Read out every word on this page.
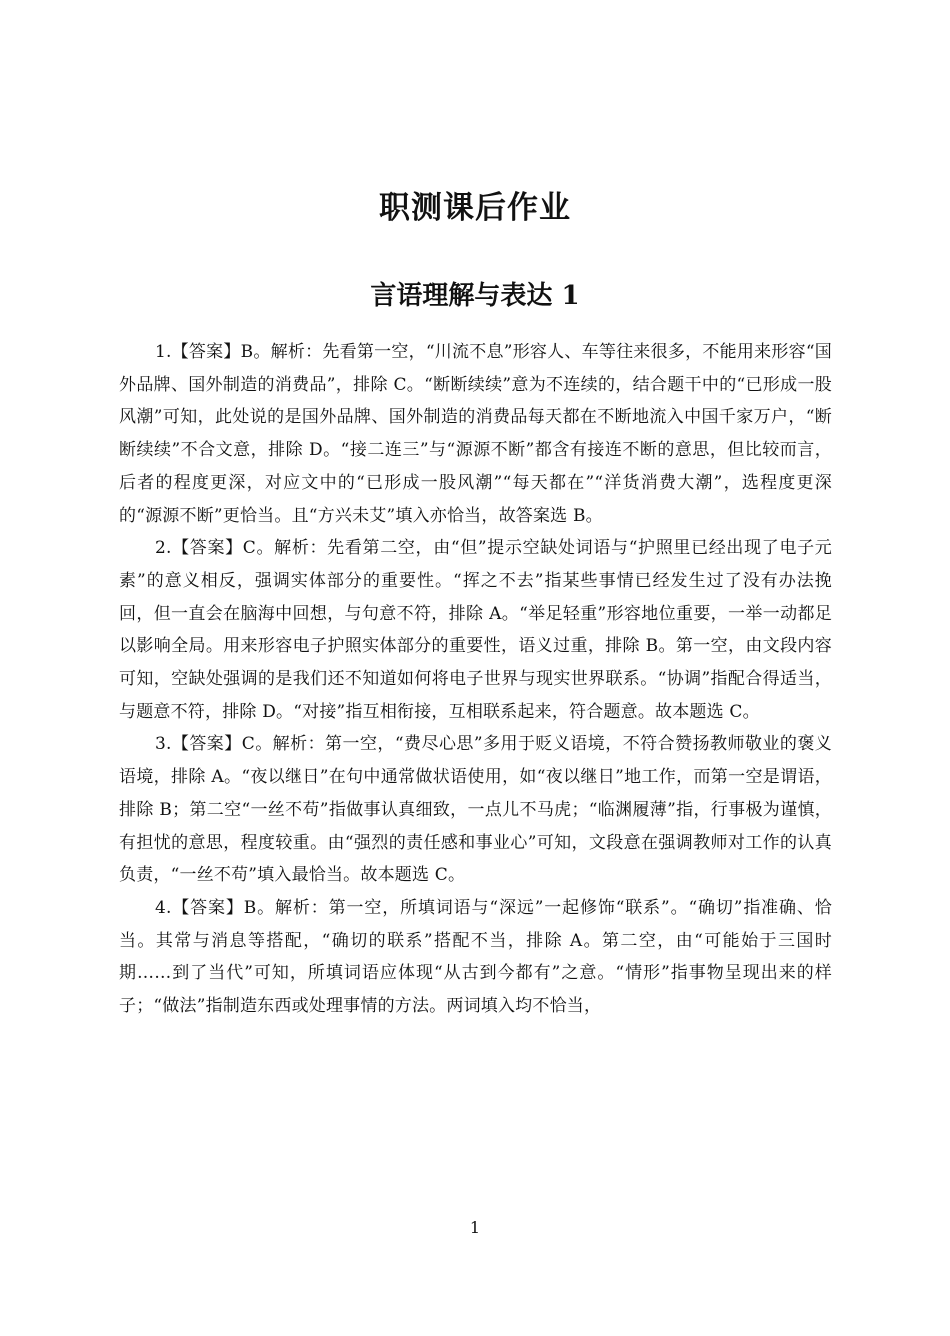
职测课后作业
言语理解与表达 1

1.【答案】B。解析：先看第一空，“川流不息”形容人、车等往来很多，不能用来形容“国外品牌、国外制造的消费品”，排除 C。“断断续续”意为不连续的，结合题干中的“已形成一股风潮”可知，此处说的是国外品牌、国外制造的消费品每天都在不断地流入中国千家万户，“断断续续”不合文意，排除 D。“接二连三”与“源源不断”都含有接连不断的意思，但比较而言，后者的程度更深，对应文中的“已形成一股风潮”“每天都在”“洋货消费大潮”，选程度更深的“源源不断”更恰当。且“方兴未艾”填入亦恰当，故答案选 B。

2.【答案】C。解析：先看第二空，由“但”提示空缺处词语与“护照里已经出现了电子元素”的意义相反，强调实体部分的重要性。“挥之不去”指某些事情已经发生过了没有办法挽回，但一直会在脑海中回想，与句意不符，排除 A。“举足轻重”形容地位重要，一举一动都足以影响全局。用来形容电子护照实体部分的重要性，语义过重，排除 B。第一空，由文段内容可知，空缺处强调的是我们还不知道如何将电子世界与现实世界联系。“协调”指配合得适当，与题意不符，排除 D。“对接”指互相衔接，互相联系起来，符合题意。故本题选 C。

3.【答案】C。解析：第一空，“费尽心思”多用于贬义语境，不符合赞扬教师敬业的褒义语境，排除 A。“夜以继日”在句中通常做状语使用，如“夜以继日”地工作，而第一空是谓语，排除 B；第二空“一丝不苟”指做事认真细致，一点儿不马虎；“临渊履薄”指，行事极为谨慎，有担忧的意思，程度较重。由“强烈的责任感和事业心”可知，文段意在强调教师对工作的认真负责，“一丝不苟”填入最恰当。故本题选 C。

4.【答案】B。解析：第一空，所填词语与“深远”一起修饰“联系”。“确切”指准确、恰当。其常与消息等搭配，“确切的联系”搭配不当，排除 A。第二空，由“可能始于三国时期……到了当代”可知，所填词语应体现“从古到今都有”之意。“情形”指事物呈现出来的样子；“做法”指制造东西或处理事情的方法。两词填入均不恰当，

1
